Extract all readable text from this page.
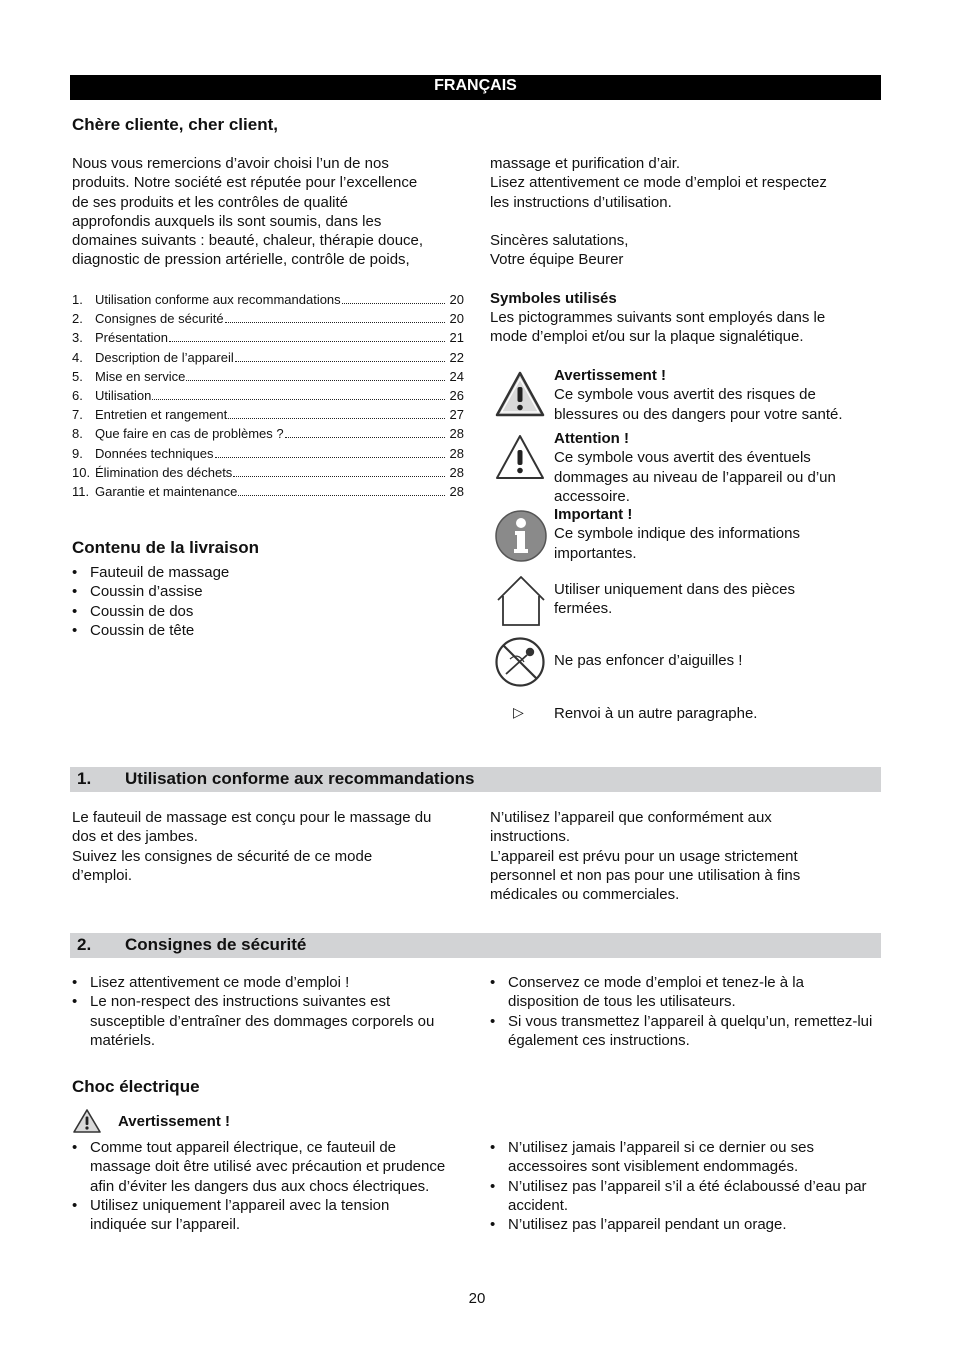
FRANÇAIS
Chère cliente, cher client,

Nous vous remercions d’avoir choisi l’un de nos

produits. Notre société est réputée pour l’excellence

de ses produits et les contrôles de qualité

approfondis auxquels ils sont soumis, dans les

domaines suivants : beauté, chaleur, thérapie douce,

diagnostic de pression artérielle, contrôle de poids,

massage et purification d’air.

Lisez attentivement ce mode d’emploi et respectez

les instructions d’utilisation.

Sincères salutations,

Votre équipe Beurer

1. Utilisation conforme aux recommandations	20
2. Consignes de sécurité	20
3. Présentation	21
4. Description de l’appareil	22
5. Mise en service	24
6. Utilisation	26
7. Entretien et rangement	27
8. Que faire en cas de problèmes ?	28
9. Données techniques	28
10. Élimination des déchets	28
11. Garantie et maintenance	28
Contenu de la livraison
• Fauteuil de massage
• Coussin d’assise
• Coussin de dos
• Coussin de tête
Symboles utilisés

Les pictogrammes suivants sont employés dans le

mode d’emploi et/ou sur la plaque signalétique.

Avertissement !

Ce symbole vous avertit des risques de

blessures ou des dangers pour votre santé.

Attention !

Ce symbole vous avertit des éventuels

dommages au niveau de l’appareil ou d’un

accessoire.

Important !

Ce symbole indique des informations

importantes.

Utiliser uniquement dans des pièces

fermées.

Ne pas enfoncer d’aiguilles !
▷ Renvoi à un autre paragraphe.
1. Utilisation conforme aux recommandations

Le fauteuil de massage est conçu pour le massage du

dos et des jambes.

Suivez les consignes de sécurité de ce mode

d’emploi.

N’utilisez l’appareil que conformément aux

instructions.

L’appareil est prévu pour un usage strictement

personnel et non pas pour une utilisation à fins

médicales ou commerciales.

2. Consignes de sécurité
• Lisez attentivement ce mode d’emploi !
• Le non-respect des instructions suivantes est susceptible d’entraîner des dommages corporels ou matériels.
• Conservez ce mode d’emploi et tenez-le à la disposition de tous les utilisateurs.
• Si vous transmettez l’appareil à quelqu’un, remettez-lui également ces instructions.
Choc électrique
Avertissement !
• Comme tout appareil électrique, ce fauteuil de massage doit être utilisé avec précaution et prudence afin d’éviter les dangers dus aux chocs électriques.
• Utilisez uniquement l’appareil avec la tension indiquée sur l’appareil.
• N’utilisez jamais l’appareil si ce dernier ou ses accessoires sont visiblement endommagés.
• N’utilisez pas l’appareil s’il a été éclaboussé d’eau par accident.
• N’utilisez pas l’appareil pendant un orage.
20
